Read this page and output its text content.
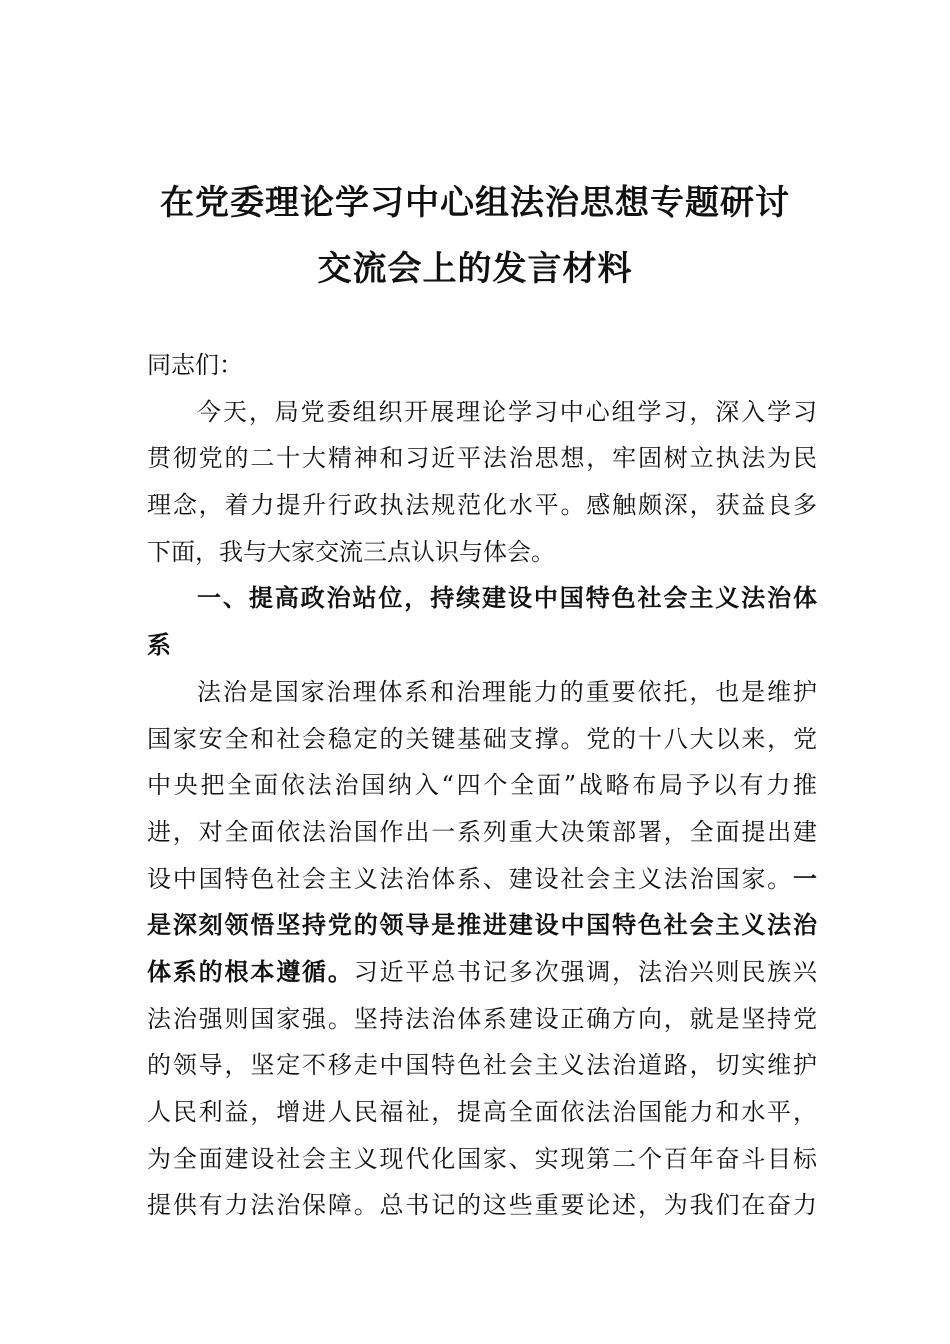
在党委理论学习中心组法治思想专题研讨
交流会上的发言材料
同志们：
今天，局党委组织开展理论学习中心组学习，深入学习
贯彻党的二十大精神和习近平法治思想，牢固树立执法为民
理念，着力提升行政执法规范化水平。感触颇深，获益良多
下面，我与大家交流三点认识与体会。
一、提高政治站位，持续建设中国特色社会主义法治体
系
法治是国家治理体系和治理能力的重要依托，也是维护
国家安全和社会稳定的关键基础支撑。党的十八大以来，党
中央把全面依法治国纳入“四个全面”战略布局予以有力推
进，对全面依法治国作出一系列重大决策部署，全面提出建
设中国特色社会主义法治体系、建设社会主义法治国家。一
是深刻领悟坚持党的领导是推进建设中国特色社会主义法治
体系的根本遵循。习近平总书记多次强调，法治兴则民族兴
法治强则国家强。坚持法治体系建设正确方向，就是坚持党
的领导，坚定不移走中国特色社会主义法治道路，切实维护
人民利益，增进人民福祉，提高全面依法治国能力和水平，
为全面建设社会主义现代化国家、实现第二个百年奋斗目标
提供有力法治保障。总书记的这些重要论述，为我们在奋力
